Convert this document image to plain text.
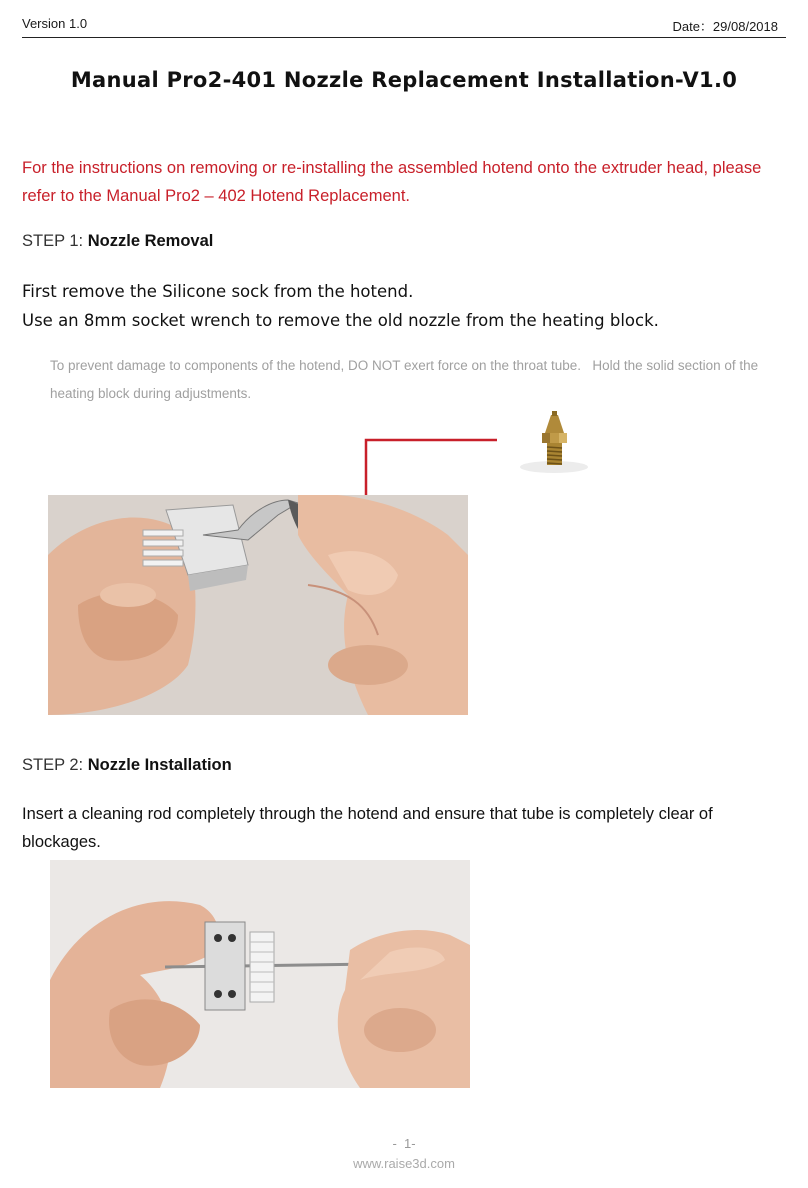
Version 1.0	Date：29/08/2018
Manual Pro2-401 Nozzle Replacement Installation-V1.0
For the instructions on removing or re-installing the assembled hotend onto the extruder head, please refer to the Manual Pro2 – 402 Hotend Replacement.
STEP 1: Nozzle Removal
First remove the Silicone sock from the hotend.
Use an 8mm socket wrench to remove the old nozzle from the heating block.
To prevent damage to components of the hotend, DO NOT exert force on the throat tube.   Hold the solid section of the heating block during adjustments.
STEP 2: Nozzle Installation
Insert a cleaning rod completely through the hotend and ensure that tube is completely clear of blockages.
-  1-
www.raise3d.com
